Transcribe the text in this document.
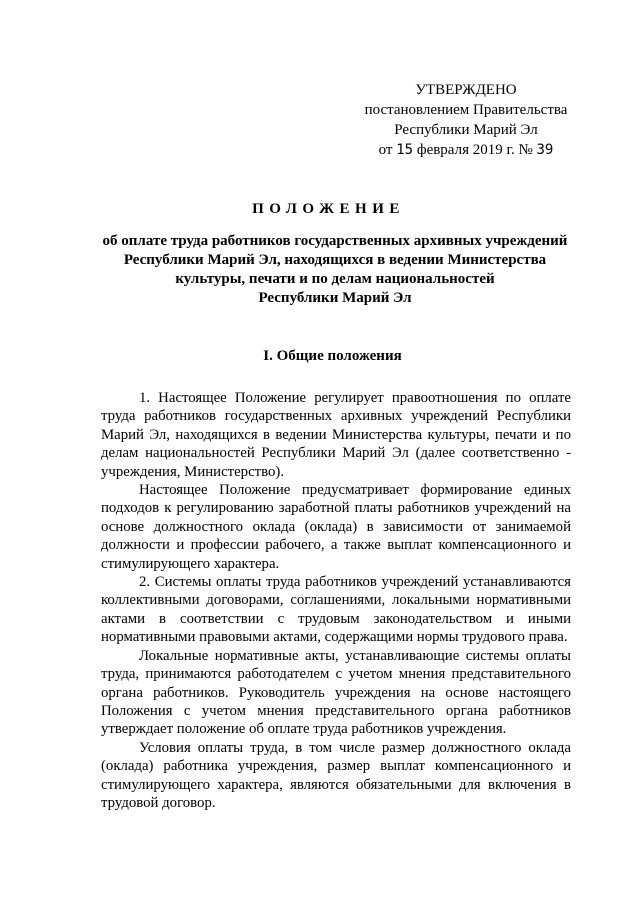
УТВЕРЖДЕНО
постановлением Правительства
Республики Марий Эл
от 15 февраля 2019 г. № 39
ПОЛОЖЕНИЕ
об оплате труда работников государственных архивных учреждений
Республики Марий Эл, находящихся в ведении Министерства
культуры, печати и по делам национальностей
Республики Марий Эл
I. Общие положения

1. Настоящее Положение регулирует правоотношения по оплате труда работников государственных архивных учреждений Республики Марий Эл, находящихся в ведении Министерства культуры, печати и по делам национальностей Республики Марий Эл (далее соответственно - учреждения, Министерство).

Настоящее Положение предусматривает формирование единых подходов к регулированию заработной платы работников учреждений на основе должностного оклада (оклада) в зависимости от занимаемой должности и профессии рабочего, а также выплат компенсационного и стимулирующего характера.

2. Системы оплаты труда работников учреждений устанавливаются коллективными договорами, соглашениями, локальными нормативными актами в соответствии с трудовым законодательством и иными нормативными правовыми актами, содержащими нормы трудового права.

Локальные нормативные акты, устанавливающие системы оплаты труда, принимаются работодателем с учетом мнения представительного органа работников. Руководитель учреждения на основе настоящего Положения с учетом мнения представительного органа работников утверждает положение об оплате труда работников учреждения.

Условия оплаты труда, в том числе размер должностного оклада (оклада) работника учреждения, размер выплат компенсационного и стимулирующего характера, являются обязательными для включения в трудовой договор.
